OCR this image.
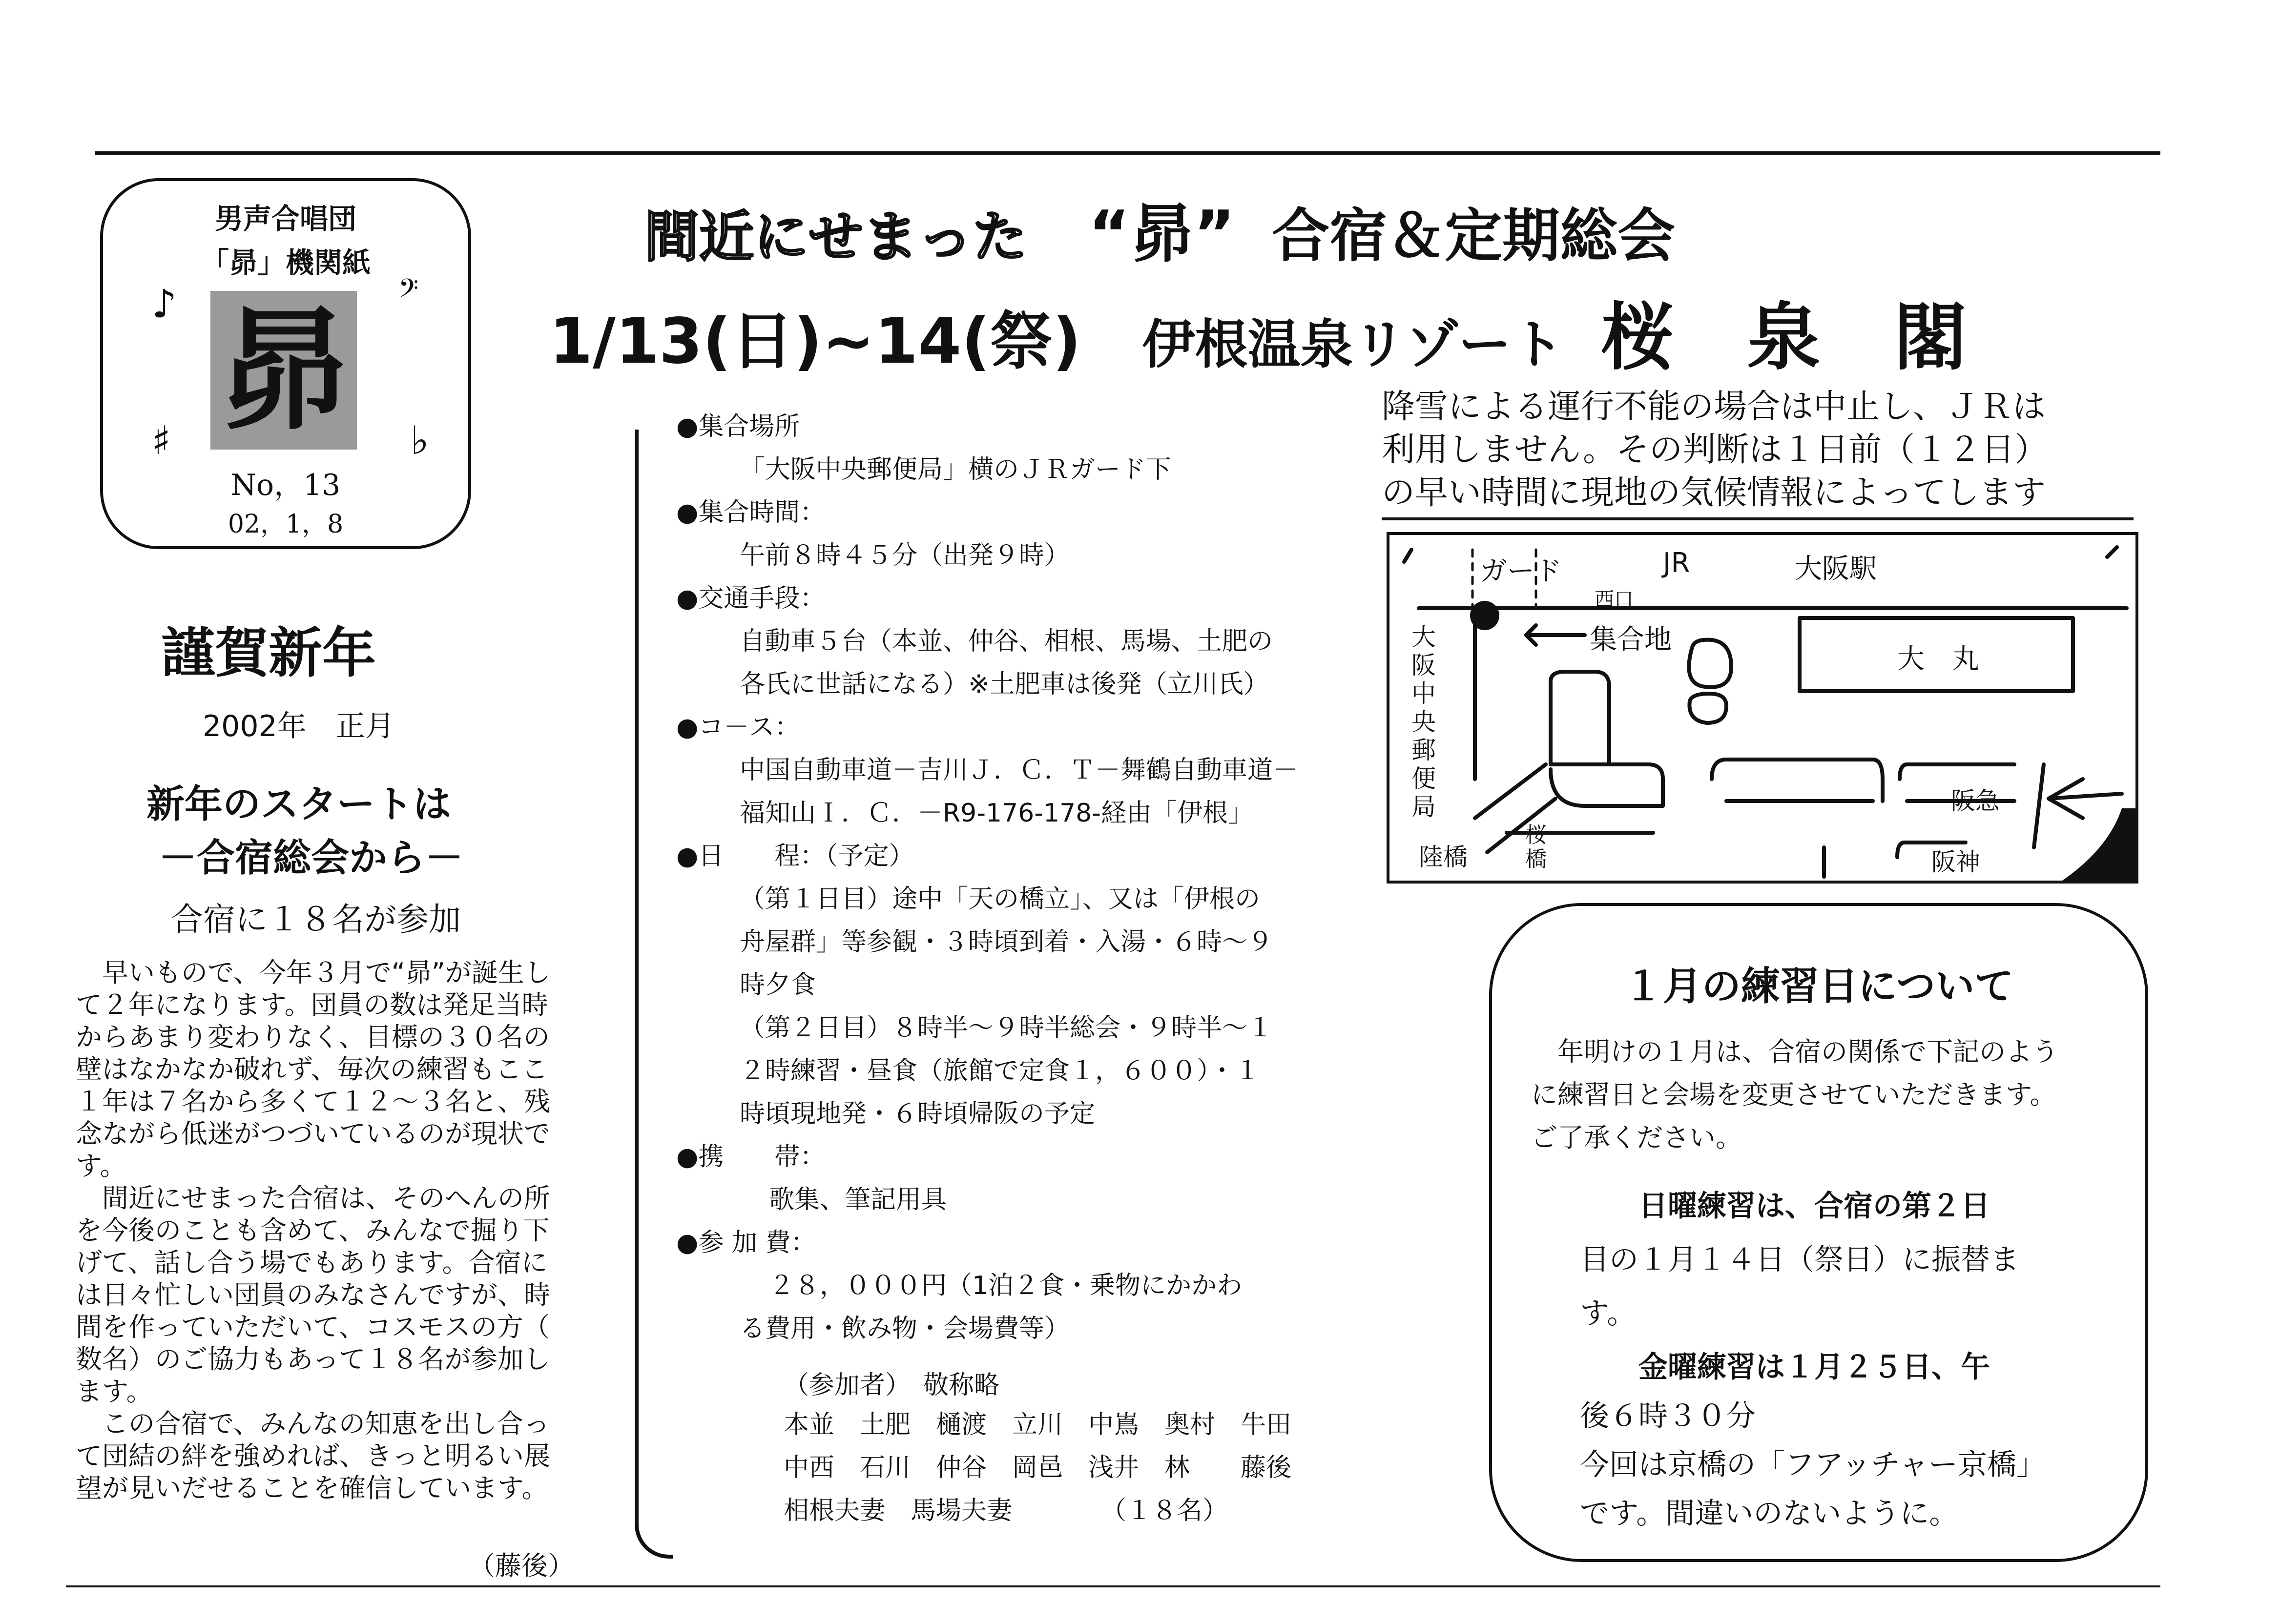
男声合唱団
「昴」機関紙
昴
♪
♯	♭
𝄢
No，13
02，1，8
間近にせまった “昴” 合宿＆定期総会
1/13(日)~14(祭) 伊根温泉リゾート 桜　泉　閣
謹賀新年
2002年　正月
新年のスタートは
－合宿総会から－
合宿に１８名が参加
　早いもので、今年３月で“昴”が誕生し
て２年になります。団員の数は発足当時
からあまり変わりなく、目標の３０名の
壁はなかなか破れず、毎次の練習もここ
１年は７名から多くて１２～３名と、残
念ながら低迷がつづいているのが現状で
す。
　間近にせまった合宿は、そのへんの所
を今後のことも含めて、みんなで掘り下
げて、話し合う場でもあります。合宿に
は日々忙しい団員のみなさんですが、時
間を作っていただいて、コスモスの方（
数名）のご協力もあって１８名が参加し
ます。
　この合宿で、みんなの知恵を出し合っ
て団結の絆を強めれば、きっと明るい展
望が見いだせることを確信しています。
（藤後）
●集合場所
「大阪中央郵便局」横のＪＲガード下
●集合時間：
午前８時４５分（出発９時）
●交通手段：
自動車５台（本並、仲谷、相根、馬場、土肥の
各氏に世話になる）※土肥車は後発（立川氏）
●コ－ス：
中国自動車道－吉川Ｊ．Ｃ．Ｔ－舞鶴自動車道－
福知山Ｉ．Ｃ．－R9-176-178-経由「伊根」
●日　　程：（予定）
（第１日目）途中「天の橋立」、又は「伊根の
舟屋群」等参観・３時頃到着・入湯・６時～９
時夕食
（第２日目）８時半～９時半総会・９時半～１
２時練習・昼食（旅館で定食１，６００）・１
時頃現地発・６時頃帰阪の予定
●携　　帯：
歌集、筆記用具
●参 加 費：
２８，０００円（1泊２食・乗物にかかわ
る費用・飲み物・会場費等）
（参加者）　敬称略
本並　土肥　樋渡　立川　中嶌　奥村　牛田
中西　石川　仲谷　岡邑　浅井　林　　藤後
相根夫妻　馬場夫妻　　　　（１８名）
降雪による運行不能の場合は中止し、ＪＲは
利用しません。その判断は１日前（１２日）
の早い時間に現地の気候情報によってします
ガード	JR	大阪駅
西口
集合地
大　丸
大
阪
中
央
郵
便
局	阪急
阪神
陸橋
桜
橋
１月の練習日について
　年明けの１月は、合宿の関係で下記のよう
に練習日と会場を変更させていただきます。
ご了承ください。
　　日曜練習は、合宿の第２日
目の１月１４日（祭日）に振替ま
す。
　　金曜練習は１月２５日、午
後６時３０分
今回は京橋の「フアッチャー京橋」
です。間違いのないように。
